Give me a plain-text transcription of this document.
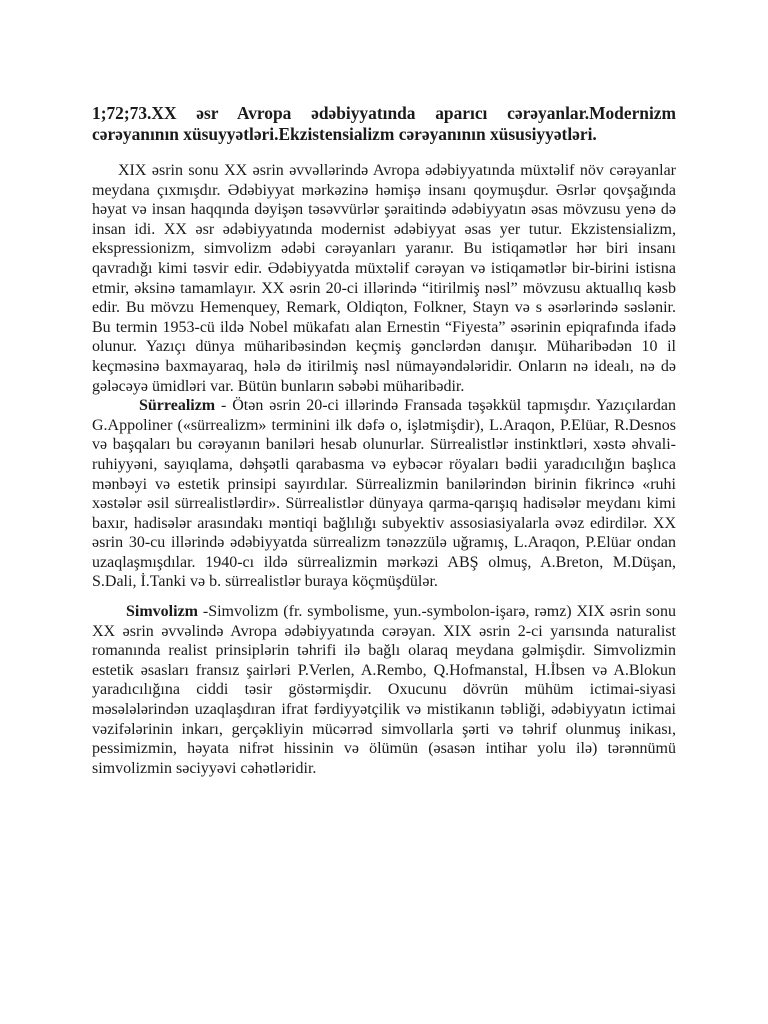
1;72;73.XX əsr Avropa ədəbiyyatında aparıcı cərəyanlar.Modernizm cərəyanının xüsuyyətləri.Ekzistensializm cərəyanının xüsusiyyətləri.

XIX əsrin sonu XX əsrin əvvəllərində Avropa ədəbiyyatında müxtəlif növ cərəyanlar meydana çıxmışdır. Ədəbiyyat mərkəzinə həmişə insanı qoymuşdur. Əsrlər qovşağında həyat və insan haqqında dəyişən təsəvvürlər şəraitində ədəbiyyatın əsas mövzusu yenə də insan idi. XX əsr ədəbiyyatında modernist ədəbiyyat əsas yer tutur. Ekzistensializm, ekspressionizm, simvolizm ədəbi cərəyanları yaranır. Bu istiqamətlər hər biri insanı qavradığı kimi təsvir edir. Ədəbiyyatda müxtəlif cərəyan və istiqamətlər bir-birini istisna etmir, əksinə tamamlayır. XX əsrin 20-ci illərində “itirilmiş nəsl” mövzusu aktuallıq kəsb edir. Bu mövzu Hemenquey, Remark, Oldiqton, Folkner, Stayn və s əsərlərində səslənir. Bu termin 1953-cü ildə Nobel mükafatı alan Ernestin “Fiyesta” əsərinin epiqrafında ifadə olunur. Yazıçı dünya müharibəsindən keçmiş gənclərdən danışır. Müharibədən 10 il keçməsinə baxmayaraq, hələ də itirilmiş nəsl nümayəndələridir. Onların nə idealı, nə də gələcəyə ümidləri var. Bütün bunların səbəbi müharibədir.

Sürrealizm - Ötən əsrin 20-ci illərində Fransada təşəkkül tapmışdır. Yazıçılardan G.Appoliner («sürrealizm» terminini ilk dəfə o, işlətmişdir), L.Araqon, P.Elüar, R.Desnos və başqaları bu cərəyanın baniləri hesab olunurlar. Sürrealistlər instinktləri, xəstə əhvali-ruhiyyəni, sayıqlama, dəhşətli qarabasma və eybəcər röyaları bədii yaradıcılığın başlıca mənbəyi və estetik prinsipi sayırdılar. Sürrealizmin banilərindən birinin fikrincə «ruhi xəstələr əsil sürrealistlərdir». Sürrealistlər dünyaya qarma-qarışıq hadisələr meydanı kimi baxır, hadisələr arasındakı məntiqi bağlılığı subyektiv assosiasiyalarla əvəz edirdilər. XX əsrin 30-cu illərində ədəbiyyatda sürrealizm tənəzzülə uğramış, L.Araqon, P.Elüar ondan uzaqlaşmışdılar. 1940-cı ildə sürrealizmin mərkəzi ABŞ olmuş, A.Breton, M.Düşan, S.Dali, İ.Tanki və b. sürrealistlər buraya köçmüşdülər.

Simvolizm -Simvolizm (fr. symbolisme, yun.-symbolon-işarə, rəmz) XIX əsrin sonu XX əsrin əvvəlində Avropa ədəbiyyatında cərəyan. XIX əsrin 2-ci yarısında naturalist romanında realist prinsiplərin təhrifi ilə bağlı olaraq meydana gəlmişdir. Simvolizmin estetik əsasları fransız şairləri P.Verlen, A.Rembo, Q.Hofmanstal, H.İbsen və A.Blokun yaradıcılığına ciddi təsir göstərmişdir. Oxucunu dövrün mühüm ictimai-siyasi məsələlərindən uzaqlaşdıran ifrat fərdiyyətçilik və mistikanın təbliği, ədəbiyyatın ictimai vəzifələrinin inkarı, gerçəkliyin mücərrəd simvollarla şərti və təhrif olunmuş inikası, pessimizmin, həyata nifrət hissinin və ölümün (əsasən intihar yolu ilə) tərənnümü simvolizmin səciyyəvi cəhətləridir.
